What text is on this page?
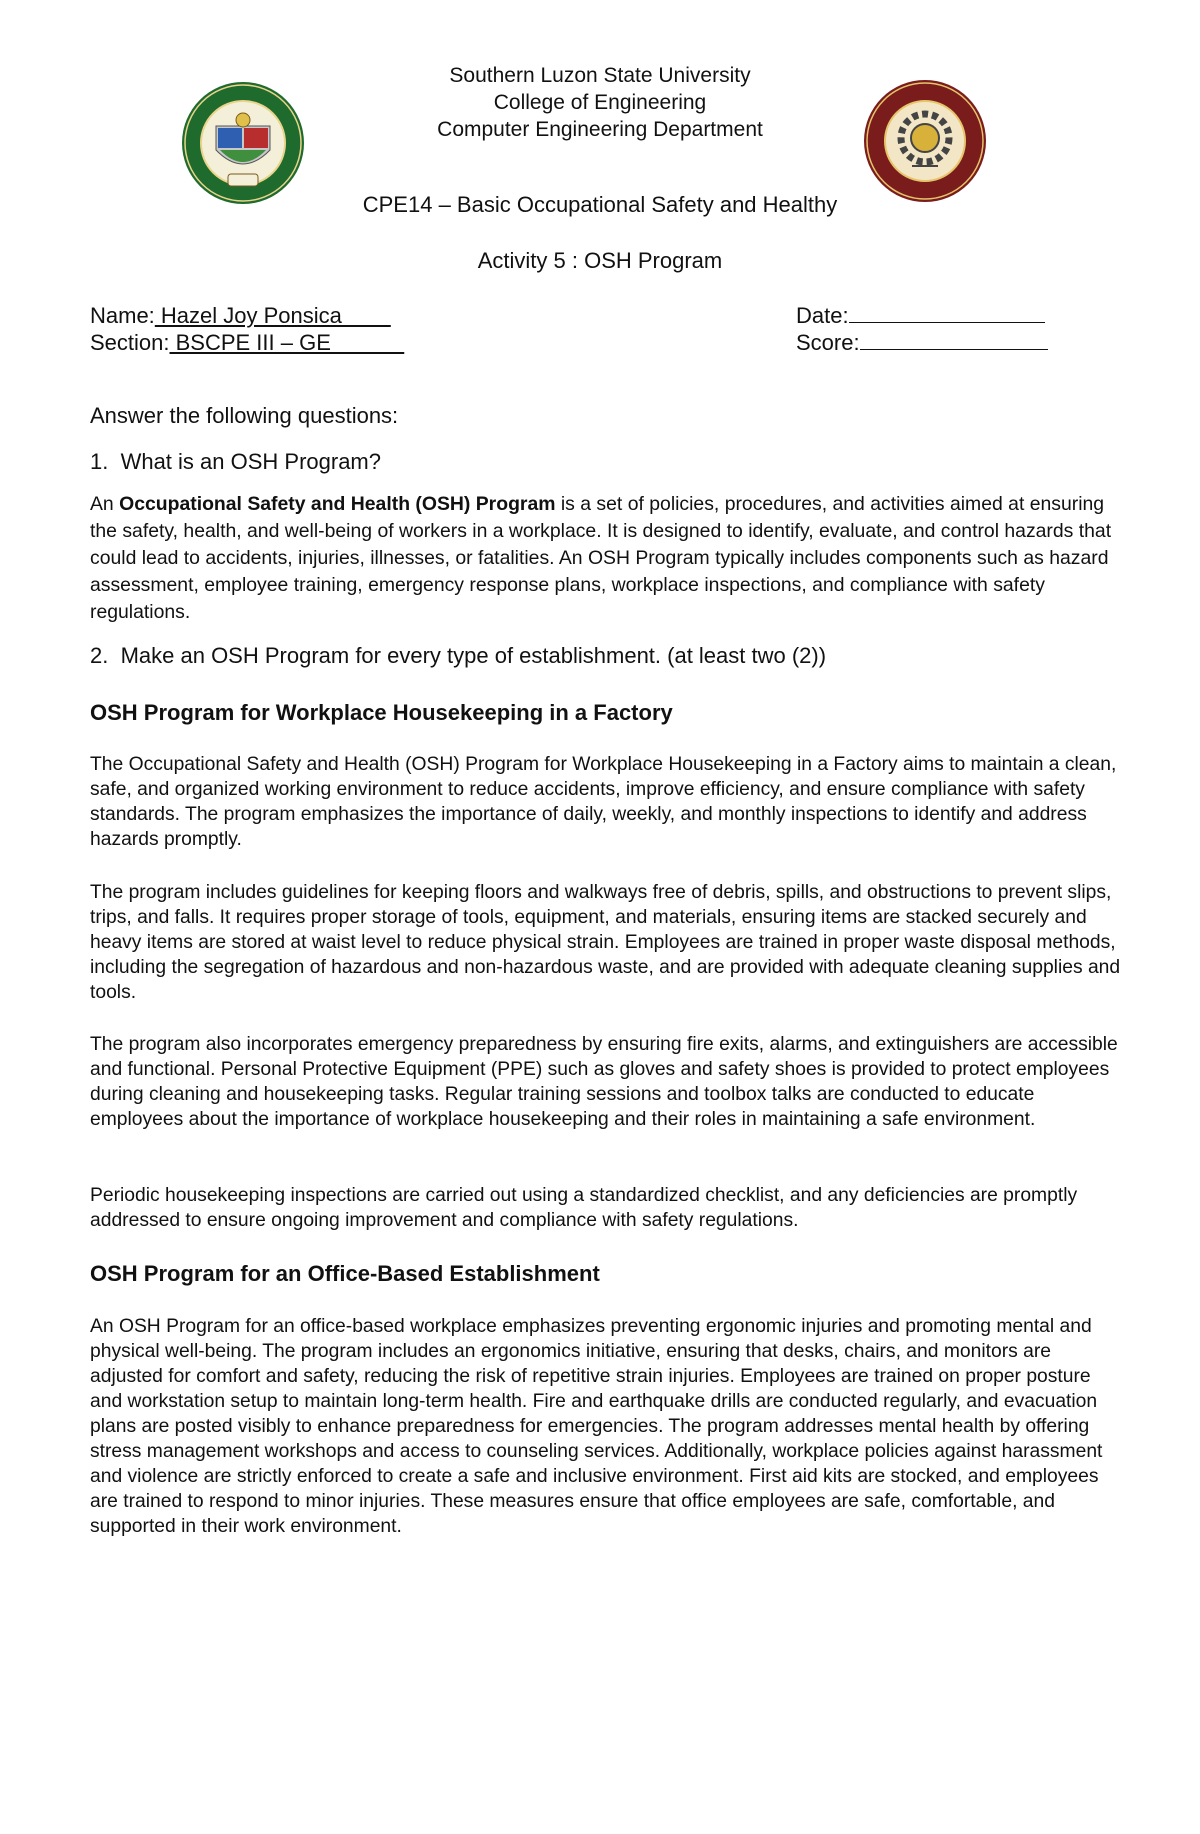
Southern Luzon State University
College of Engineering
Computer Engineering Department
CPE14 – Basic Occupational Safety and Healthy
Activity 5 : OSH Program
Name: Hazel Joy Ponsica
Section: BSCPE III – GE
Date:
Score:
Answer the following questions:
1.  What is an OSH Program?
An Occupational Safety and Health (OSH) Program is a set of policies, procedures, and activities aimed at ensuring the safety, health, and well-being of workers in a workplace. It is designed to identify, evaluate, and control hazards that could lead to accidents, injuries, illnesses, or fatalities. An OSH Program typically includes components such as hazard assessment, employee training, emergency response plans, workplace inspections, and compliance with safety regulations.
2.  Make an OSH Program for every type of establishment. (at least two (2))
OSH Program for Workplace Housekeeping in a Factory
The Occupational Safety and Health (OSH) Program for Workplace Housekeeping in a Factory aims to maintain a clean, safe, and organized working environment to reduce accidents, improve efficiency, and ensure compliance with safety standards. The program emphasizes the importance of daily, weekly, and monthly inspections to identify and address hazards promptly.
The program includes guidelines for keeping floors and walkways free of debris, spills, and obstructions to prevent slips, trips, and falls. It requires proper storage of tools, equipment, and materials, ensuring items are stacked securely and heavy items are stored at waist level to reduce physical strain. Employees are trained in proper waste disposal methods, including the segregation of hazardous and non-hazardous waste, and are provided with adequate cleaning supplies and tools.
The program also incorporates emergency preparedness by ensuring fire exits, alarms, and extinguishers are accessible and functional. Personal Protective Equipment (PPE) such as gloves and safety shoes is provided to protect employees during cleaning and housekeeping tasks. Regular training sessions and toolbox talks are conducted to educate employees about the importance of workplace housekeeping and their roles in maintaining a safe environment.
Periodic housekeeping inspections are carried out using a standardized checklist, and any deficiencies are promptly addressed to ensure ongoing improvement and compliance with safety regulations.
OSH Program for an Office-Based Establishment
An OSH Program for an office-based workplace emphasizes preventing ergonomic injuries and promoting mental and physical well-being. The program includes an ergonomics initiative, ensuring that desks, chairs, and monitors are adjusted for comfort and safety, reducing the risk of repetitive strain injuries. Employees are trained on proper posture and workstation setup to maintain long-term health. Fire and earthquake drills are conducted regularly, and evacuation plans are posted visibly to enhance preparedness for emergencies. The program addresses mental health by offering stress management workshops and access to counseling services. Additionally, workplace policies against harassment and violence are strictly enforced to create a safe and inclusive environment. First aid kits are stocked, and employees are trained to respond to minor injuries. These measures ensure that office employees are safe, comfortable, and supported in their work environment.
